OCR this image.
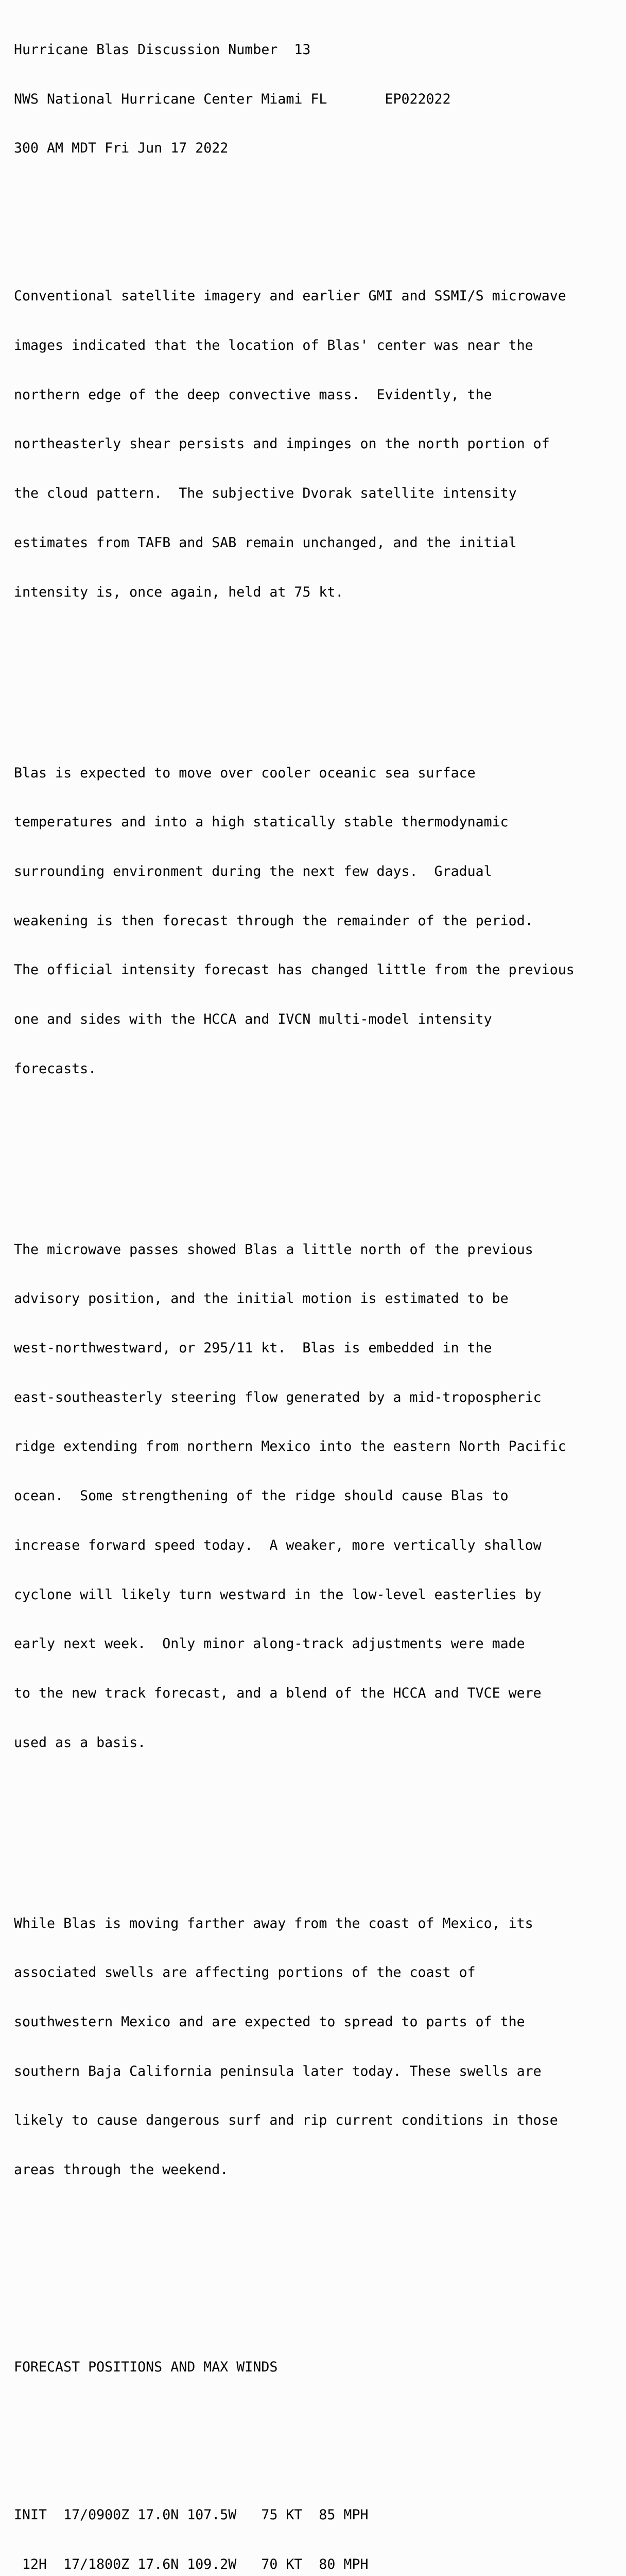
Hurricane Blas Discussion Number  13

NWS National Hurricane Center Miami FL       EP022022

300 AM MDT Fri Jun 17 2022

Conventional satellite imagery and earlier GMI and SSMI/S microwave

images indicated that the location of Blas' center was near the

northern edge of the deep convective mass.  Evidently, the

northeasterly shear persists and impinges on the north portion of

the cloud pattern.  The subjective Dvorak satellite intensity

estimates from TAFB and SAB remain unchanged, and the initial

intensity is, once again, held at 75 kt.

Blas is expected to move over cooler oceanic sea surface

temperatures and into a high statically stable thermodynamic

surrounding environment during the next few days.  Gradual

weakening is then forecast through the remainder of the period.

The official intensity forecast has changed little from the previous

one and sides with the HCCA and IVCN multi-model intensity

forecasts.

The microwave passes showed Blas a little north of the previous

advisory position, and the initial motion is estimated to be

west-northwestward, or 295/11 kt.  Blas is embedded in the

east-southeasterly steering flow generated by a mid-tropospheric

ridge extending from northern Mexico into the eastern North Pacific

ocean.  Some strengthening of the ridge should cause Blas to

increase forward speed today.  A weaker, more vertically shallow

cyclone will likely turn westward in the low-level easterlies by

early next week.  Only minor along-track adjustments were made

to the new track forecast, and a blend of the HCCA and TVCE were

used as a basis.

While Blas is moving farther away from the coast of Mexico, its

associated swells are affecting portions of the coast of

southwestern Mexico and are expected to spread to parts of the

southern Baja California peninsula later today. These swells are

likely to cause dangerous surf and rip current conditions in those

areas through the weekend.

FORECAST POSITIONS AND MAX WINDS

INIT  17/0900Z 17.0N 107.5W   75 KT  85 MPH

12H  17/1800Z 17.6N 109.2W   70 KT  80 MPH
